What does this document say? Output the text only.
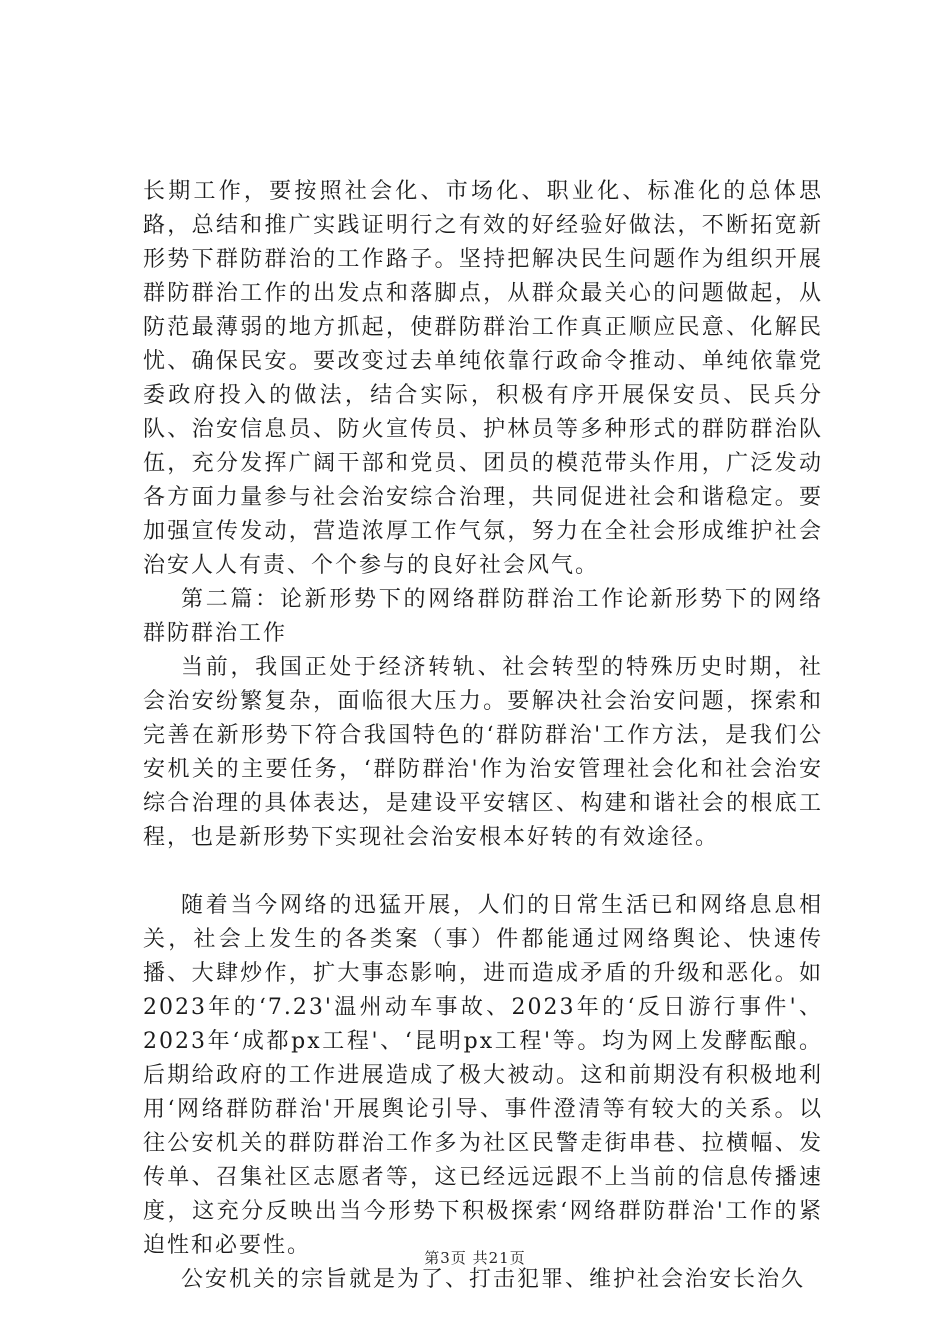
长期工作，要按照社会化、市场化、职业化、标准化的总体思路，总结和推广实践证明行之有效的好经验好做法，不断拓宽新形势下群防群治的工作路子。坚持把解决民生问题作为组织开展群防群治工作的出发点和落脚点，从群众最关心的问题做起，从防范最薄弱的地方抓起，使群防群治工作真正顺应民意、化解民忧、确保民安。要改变过去单纯依靠行政命令推动、单纯依靠党委政府投入的做法，结合实际，积极有序开展保安员、民兵分队、治安信息员、防火宣传员、护林员等多种形式的群防群治队伍，充分发挥广阔干部和党员、团员的模范带头作用，广泛发动各方面力量参与社会治安综合治理，共同促进社会和谐稳定。要加强宣传发动，营造浓厚工作气氛，努力在全社会形成维护社会治安人人有责、个个参与的良好社会风气。

第二篇：论新形势下的网络群防群治工作论新形势下的网络群防群治工作

当前，我国正处于经济转轨、社会转型的特殊历史时期，社会治安纷繁复杂，面临很大压力。要解决社会治安问题，探索和完善在新形势下符合我国特色的‘群防群治'工作方法，是我们公安机关的主要任务，‘群防群治'作为治安管理社会化和社会治安综合治理的具体表达，是建设平安辖区、构建和谐社会的根底工程，也是新形势下实现社会治安根本好转的有效途径。

随着当今网络的迅猛开展，人们的日常生活已和网络息息相关，社会上发生的各类案（事）件都能通过网络舆论、快速传播、大肆炒作，扩大事态影响，进而造成矛盾的升级和恶化。如2023年的‘7.23'温州动车事故、2023年的‘反日游行事件'、2023年‘成都px工程'、‘昆明px工程'等。均为网上发酵酝酿。后期给政府的工作进展造成了极大被动。这和前期没有积极地利用‘网络群防群治'开展舆论引导、事件澄清等有较大的关系。以往公安机关的群防群治工作多为社区民警走街串巷、拉横幅、发传单、召集社区志愿者等，这已经远远跟不上当前的信息传播速度，这充分反映出当今形势下积极探索‘网络群防群治'工作的紧迫性和必要性。

公安机关的宗旨就是为了、打击犯罪、维护社会治安长治久

第3页 共21页
